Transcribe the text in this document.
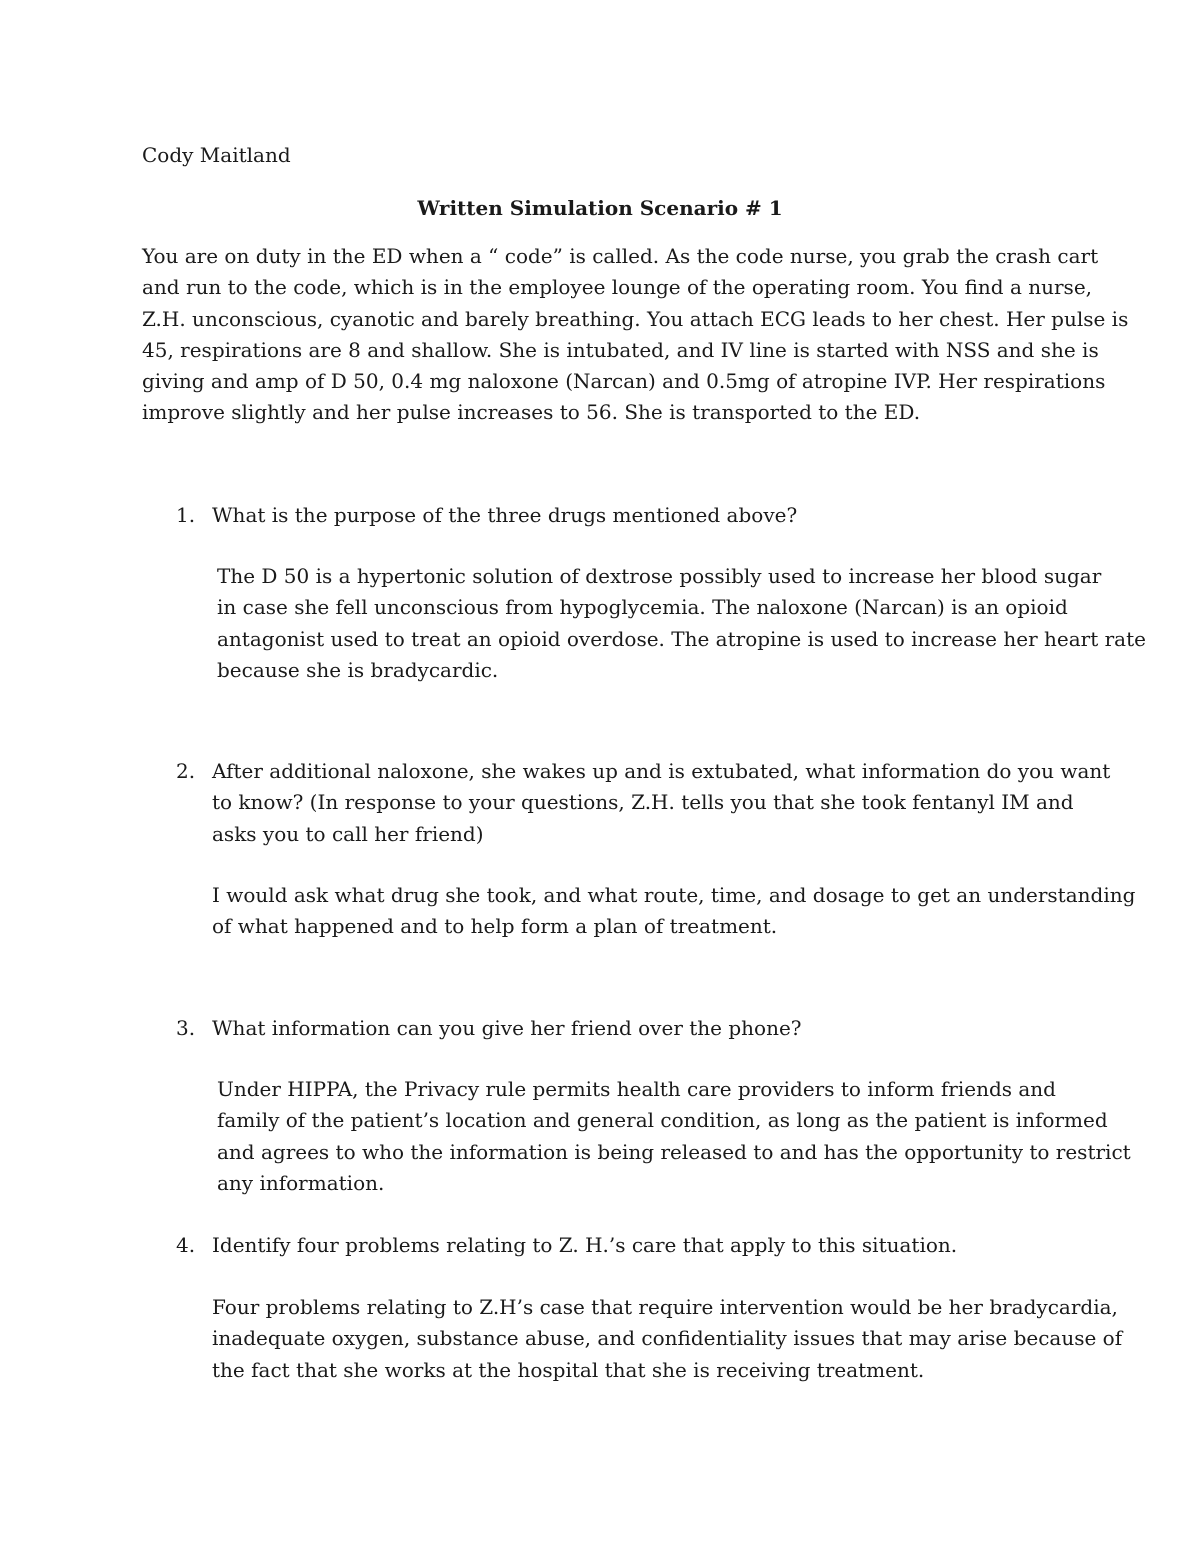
Cody Maitland
Written Simulation Scenario # 1

You are on duty in the ED when a “ code” is called. As the code nurse, you grab the crash cart

and run to the code, which is in the employee lounge of the operating room. You find a nurse,

Z.H. unconscious, cyanotic and barely breathing. You attach ECG leads to her chest. Her pulse is

45, respirations are 8 and shallow. She is intubated, and IV line is started with NSS and she is

giving and amp of D 50, 0.4 mg naloxone (Narcan) and 0.5mg of atropine IVP. Her respirations

improve slightly and her pulse increases to 56. She is transported to the ED.

1. What is the purpose of the three drugs mentioned above?

The D 50 is a hypertonic solution of dextrose possibly used to increase her blood sugar

in case she fell unconscious from hypoglycemia. The naloxone (Narcan) is an opioid

antagonist used to treat an opioid overdose. The atropine is used to increase her heart rate

because she is bradycardic.

2. After additional naloxone, she wakes up and is extubated, what information do you want

to know? (In response to your questions, Z.H. tells you that she took fentanyl IM and

asks you to call her friend)

I would ask what drug she took, and what route, time, and dosage to get an understanding

of what happened and to help form a plan of treatment.

3. What information can you give her friend over the phone?

Under HIPPA, the Privacy rule permits health care providers to inform friends and

family of the patient’s location and general condition, as long as the patient is informed

and agrees to who the information is being released to and has the opportunity to restrict

any information.

4. Identify four problems relating to Z. H.’s care that apply to this situation.

Four problems relating to Z.H’s case that require intervention would be her bradycardia,

inadequate oxygen, substance abuse, and confidentiality issues that may arise because of

the fact that she works at the hospital that she is receiving treatment.
